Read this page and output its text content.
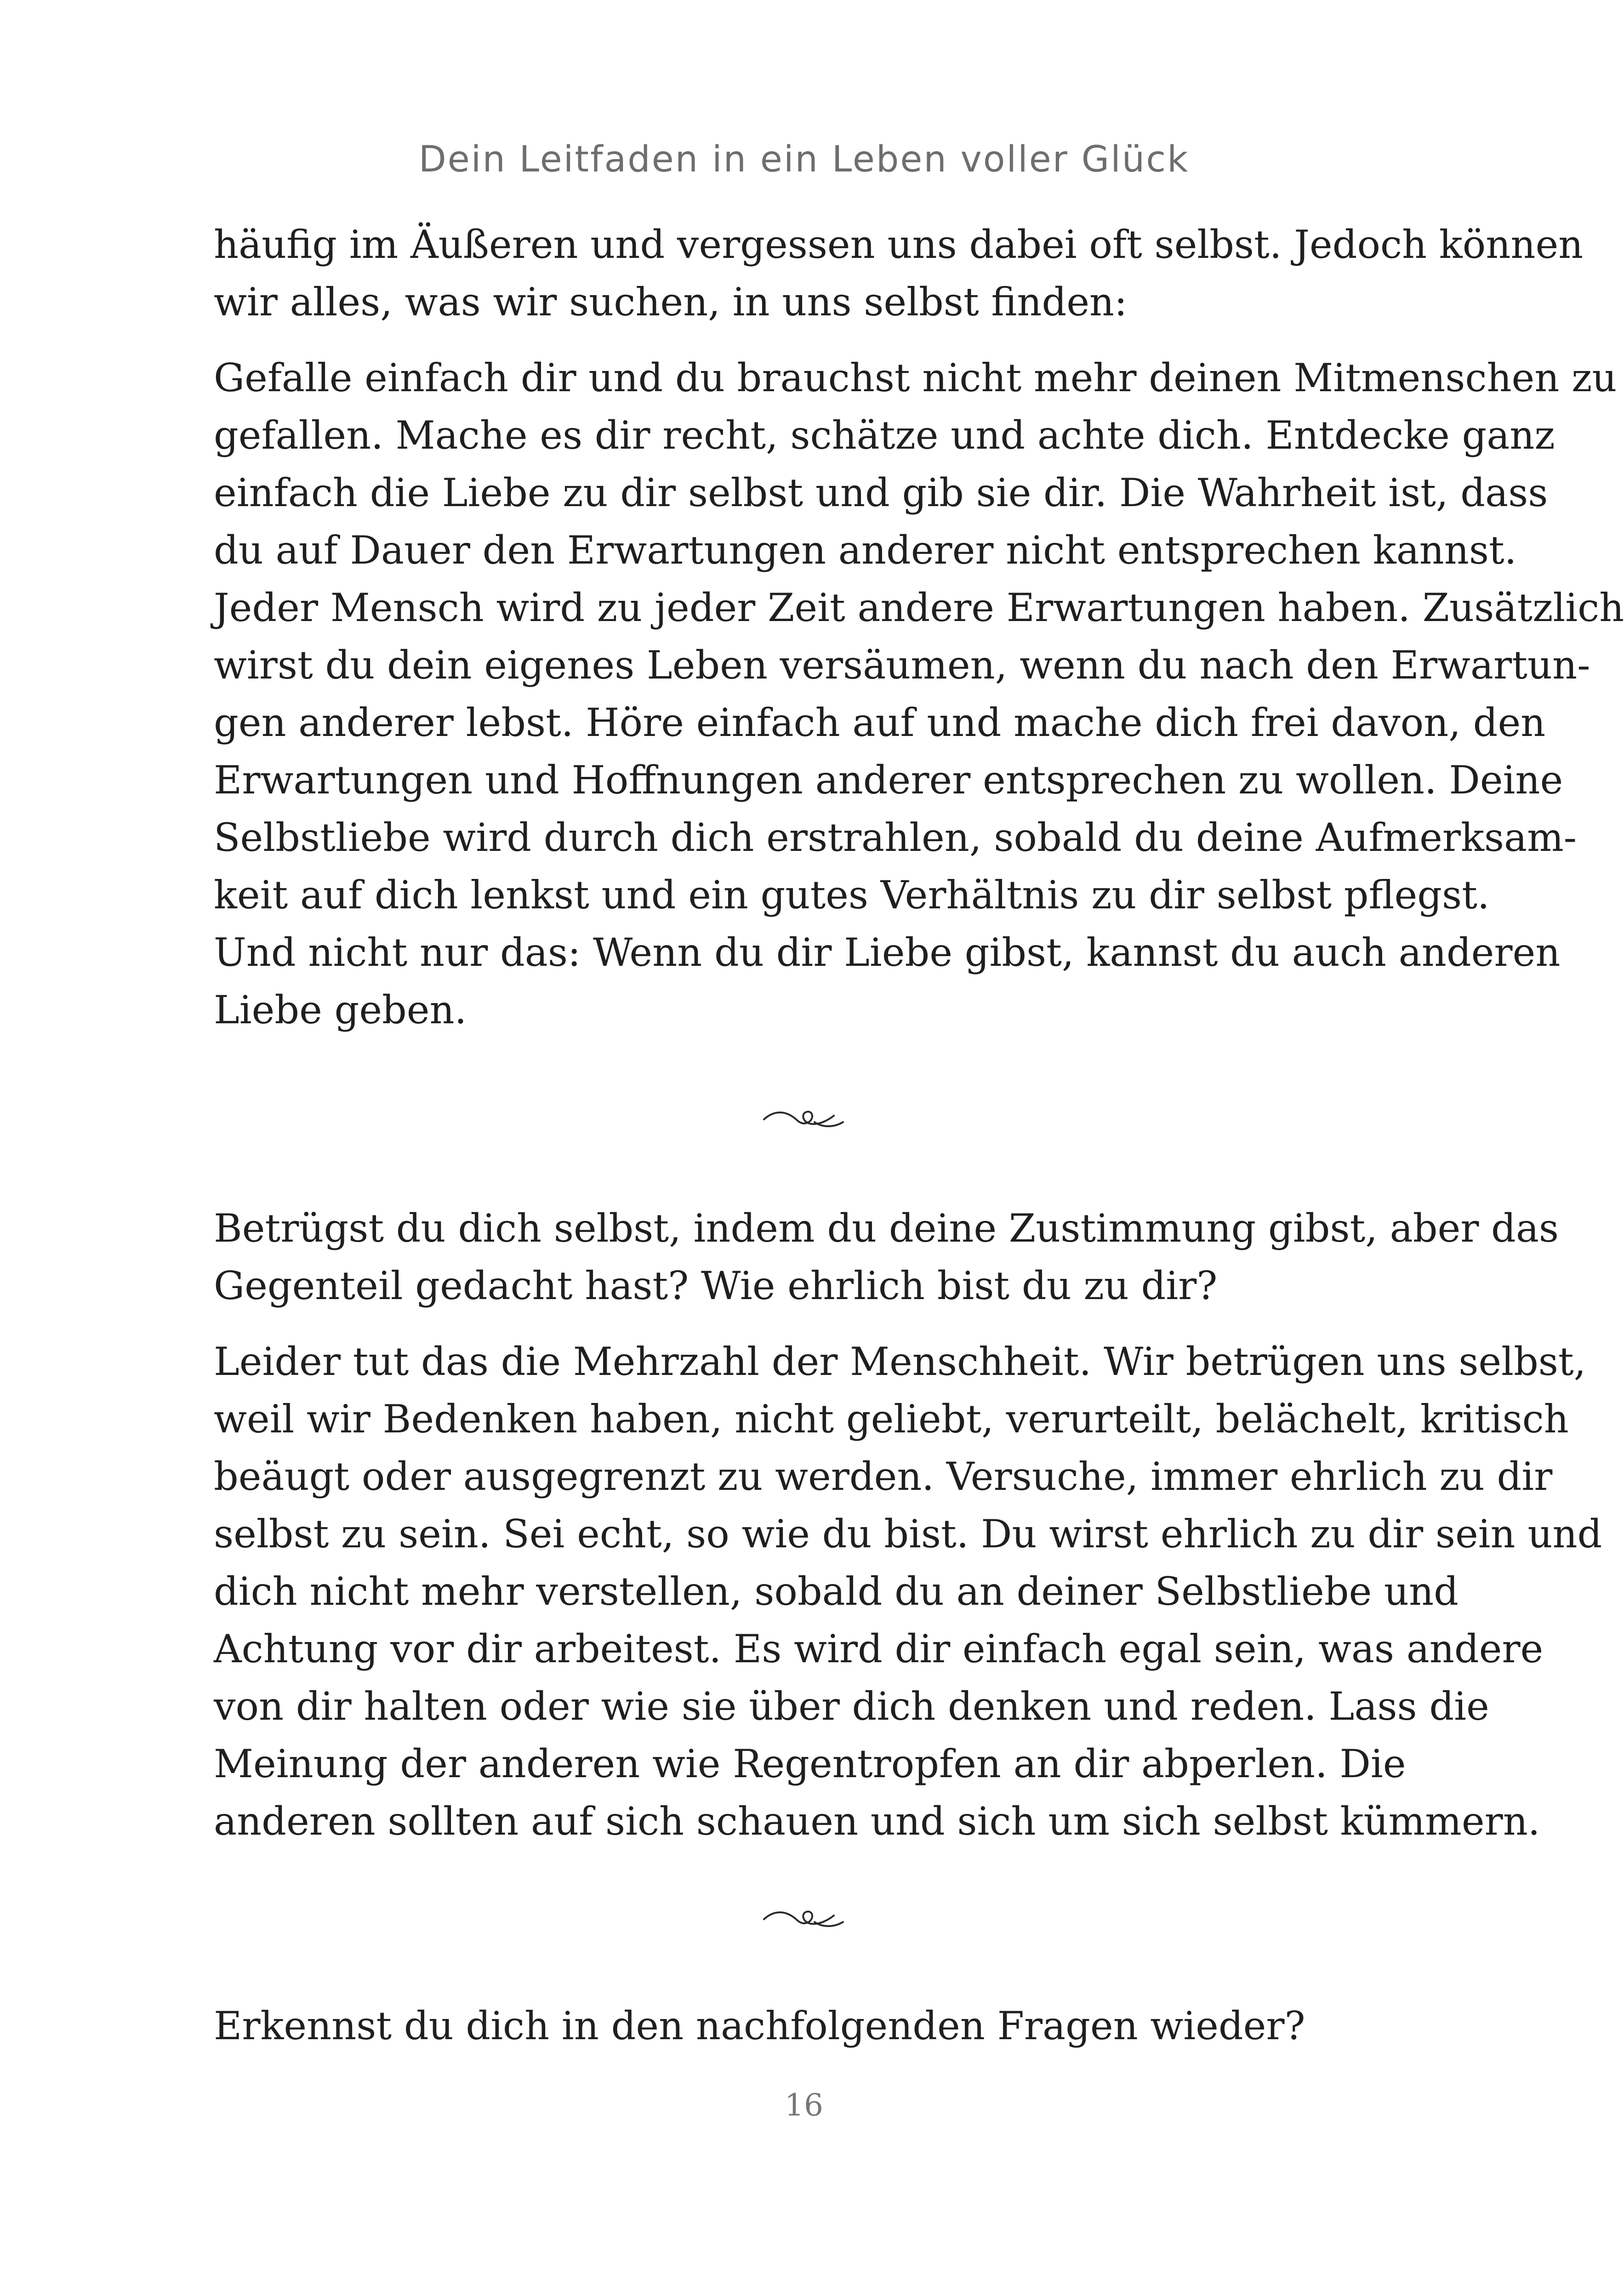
Dein Leitfaden in ein Leben voller Glück

häufig im Äußeren und vergessen uns dabei oft selbst. Jedoch können
wir alles, was wir suchen, in uns selbst finden:

Gefalle einfach dir und du brauchst nicht mehr deinen Mitmenschen zu
gefallen. Mache es dir recht, schätze und achte dich. Entdecke ganz
einfach die Liebe zu dir selbst und gib sie dir. Die Wahrheit ist, dass
du auf Dauer den Erwartungen anderer nicht entsprechen kannst.
Jeder Mensch wird zu jeder Zeit andere Erwartungen haben. Zusätzlich
wirst du dein eigenes Leben versäumen, wenn du nach den Erwartun-
gen anderer lebst. Höre einfach auf und mache dich frei davon, den
Erwartungen und Hoffnungen anderer entsprechen zu wollen. Deine
Selbstliebe wird durch dich erstrahlen, sobald du deine Aufmerksam-
keit auf dich lenkst und ein gutes Verhältnis zu dir selbst pflegst.
Und nicht nur das: Wenn du dir Liebe gibst, kannst du auch anderen
Liebe geben.

Betrügst du dich selbst, indem du deine Zustimmung gibst, aber das
Gegenteil gedacht hast? Wie ehrlich bist du zu dir?

Leider tut das die Mehrzahl der Menschheit. Wir betrügen uns selbst,
weil wir Bedenken haben, nicht geliebt, verurteilt, belächelt, kritisch
beäugt oder ausgegrenzt zu werden. Versuche, immer ehrlich zu dir
selbst zu sein. Sei echt, so wie du bist. Du wirst ehrlich zu dir sein und
dich nicht mehr verstellen, sobald du an deiner Selbstliebe und
Achtung vor dir arbeitest. Es wird dir einfach egal sein, was andere
von dir halten oder wie sie über dich denken und reden. Lass die
Meinung der anderen wie Regentropfen an dir abperlen. Die
anderen sollten auf sich schauen und sich um sich selbst kümmern.

Erkennst du dich in den nachfolgenden Fragen wieder?

16
